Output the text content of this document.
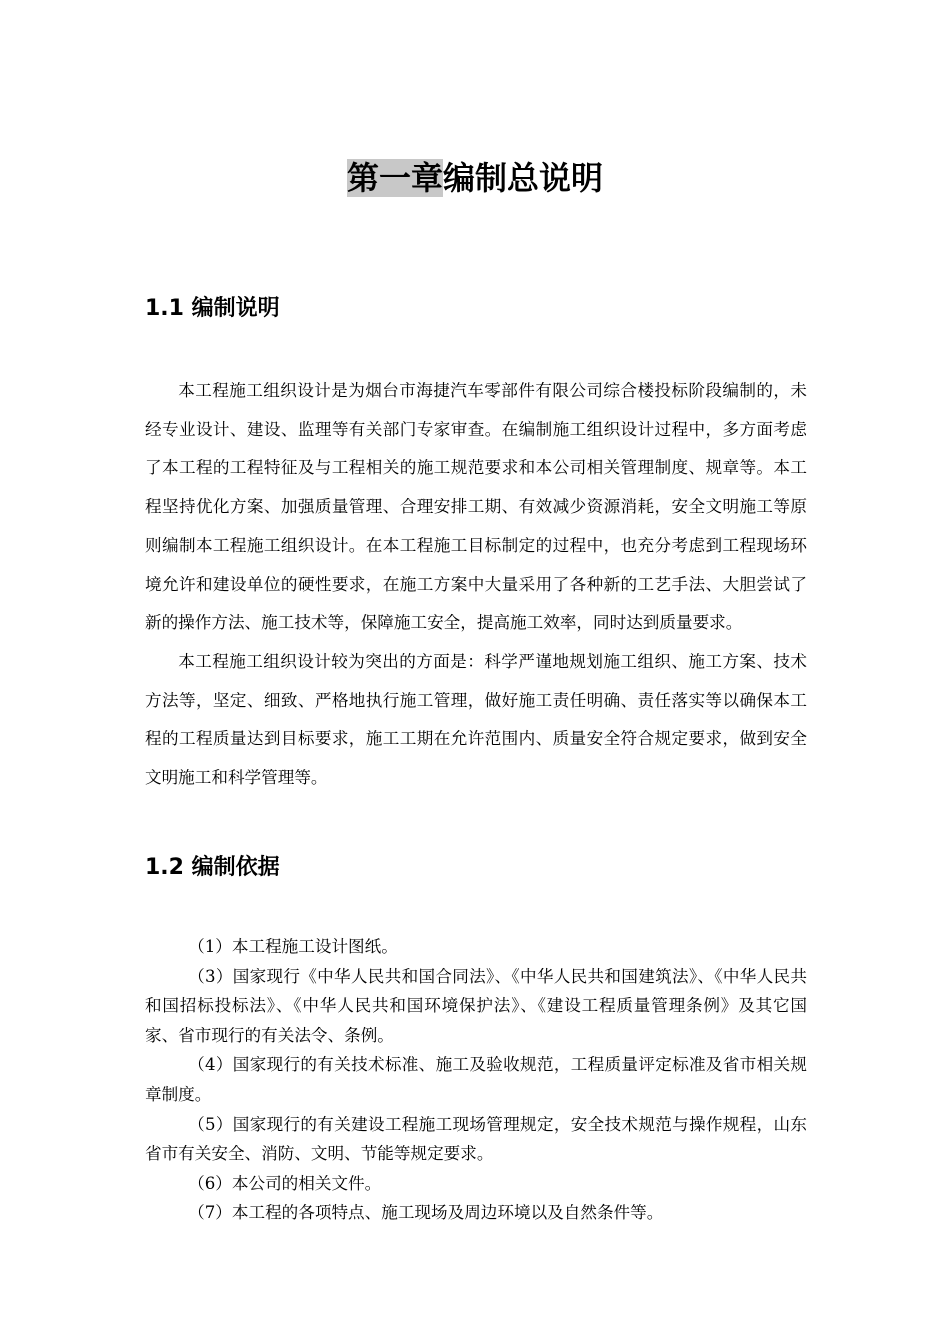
第一章编制总说明
1.1 编制说明

本工程施工组织设计是为烟台市海捷汽车零部件有限公司综合楼投标阶段编制的，未经专业设计、建设、监理等有关部门专家审查。在编制施工组织设计过程中，多方面考虑了本工程的工程特征及与工程相关的施工规范要求和本公司相关管理制度、规章等。本工程坚持优化方案、加强质量管理、合理安排工期、有效减少资源消耗，安全文明施工等原则编制本工程施工组织设计。在本工程施工目标制定的过程中，也充分考虑到工程现场环境允许和建设单位的硬性要求，在施工方案中大量采用了各种新的工艺手法、大胆尝试了新的操作方法、施工技术等，保障施工安全，提高施工效率，同时达到质量要求。

本工程施工组织设计较为突出的方面是：科学严谨地规划施工组织、施工方案、技术方法等，坚定、细致、严格地执行施工管理，做好施工责任明确、责任落实等以确保本工程的工程质量达到目标要求，施工工期在允许范围内、质量安全符合规定要求，做到安全文明施工和科学管理等。

1.2 编制依据

（1）本工程施工设计图纸。

（3）国家现行《中华人民共和国合同法》、《中华人民共和国建筑法》、《中华人民共和国招标投标法》、《中华人民共和国环境保护法》、《建设工程质量管理条例》及其它国家、省市现行的有关法令、条例。

（4）国家现行的有关技术标准、施工及验收规范，工程质量评定标准及省市相关规章制度。

（5）国家现行的有关建设工程施工现场管理规定，安全技术规范与操作规程，山东省市有关安全、消防、文明、节能等规定要求。

（6）本公司的相关文件。

（7）本工程的各项特点、施工现场及周边环境以及自然条件等。
